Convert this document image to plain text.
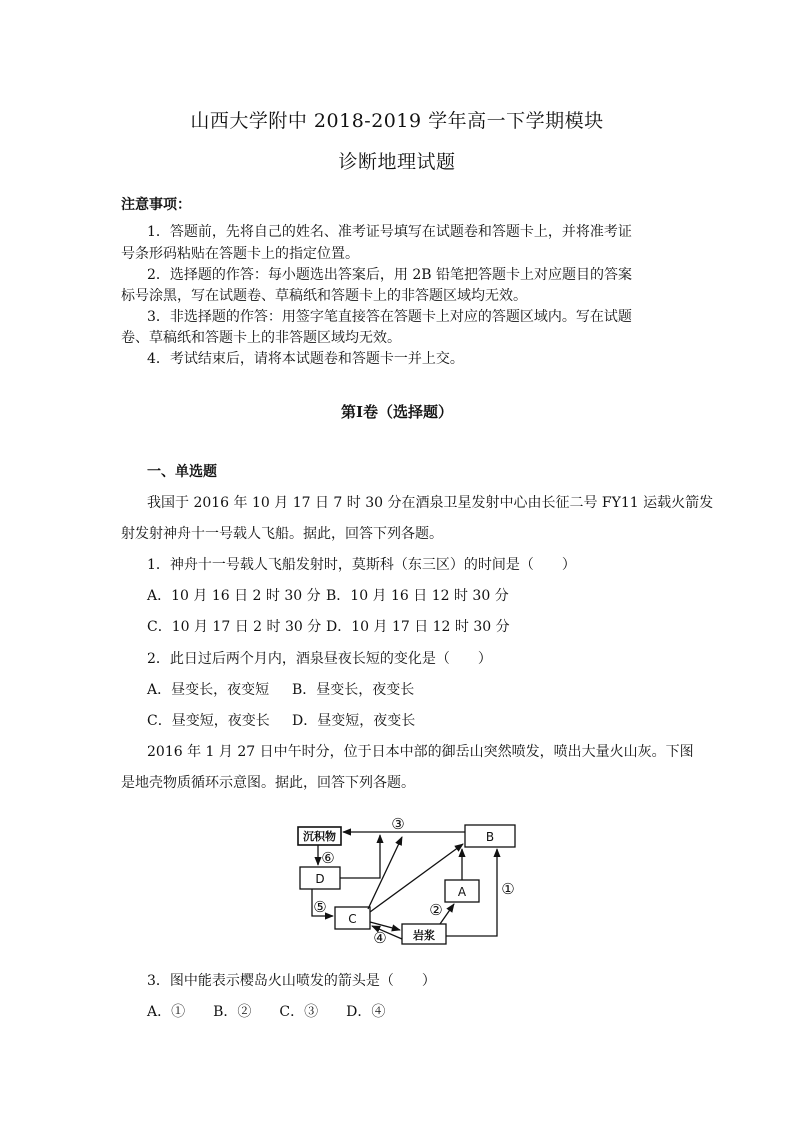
山西大学附中 2018-2019 学年高一下学期模块
诊断地理试题
注意事项：
1．答题前，先将自己的姓名、准考证号填写在试题卷和答题卡上，并将准考证
号条形码粘贴在答题卡上的指定位置。
2．选择题的作答：每小题选出答案后，用 2B 铅笔把答题卡上对应题目的答案
标号涂黑，写在试题卷、草稿纸和答题卡上的非答题区域均无效。
3．非选择题的作答：用签字笔直接答在答题卡上对应的答题区域内。写在试题
卷、草稿纸和答题卡上的非答题区域均无效。
4．考试结束后，请将本试题卷和答题卡一并上交。
第Ⅰ卷（选择题）
一、单选题
我国于 2016 年 10 月 17 日 7 时 30 分在酒泉卫星发射中心由长征二号 FY11 运载火箭发
射发射神舟十一号载人飞船。据此，回答下列各题。
1．神舟十一号载人飞船发射时，莫斯科（东三区）的时间是（　　）
A．10 月 16 日 2 时 30 分 B．10 月 16 日 12 时 30 分
C．10 月 17 日 2 时 30 分 D．10 月 17 日 12 时 30 分
2．此日过后两个月内，酒泉昼夜长短的变化是（　　）
A．昼变长，夜变短 B．昼变长，夜变长
C．昼变短，夜变长 D．昼变短，夜变长
2016 年 1 月 27 日中午时分，位于日本中部的御岳山突然喷发，喷出大量火山灰。下图
是地壳物质循环示意图。据此，回答下列各题。
沉积物	B
D
A
C
岩浆
①
②
③
④
⑤
⑥
3．图中能表示樱岛火山喷发的箭头是（　　）
A．①　　B．②　　C．③　　D．④
